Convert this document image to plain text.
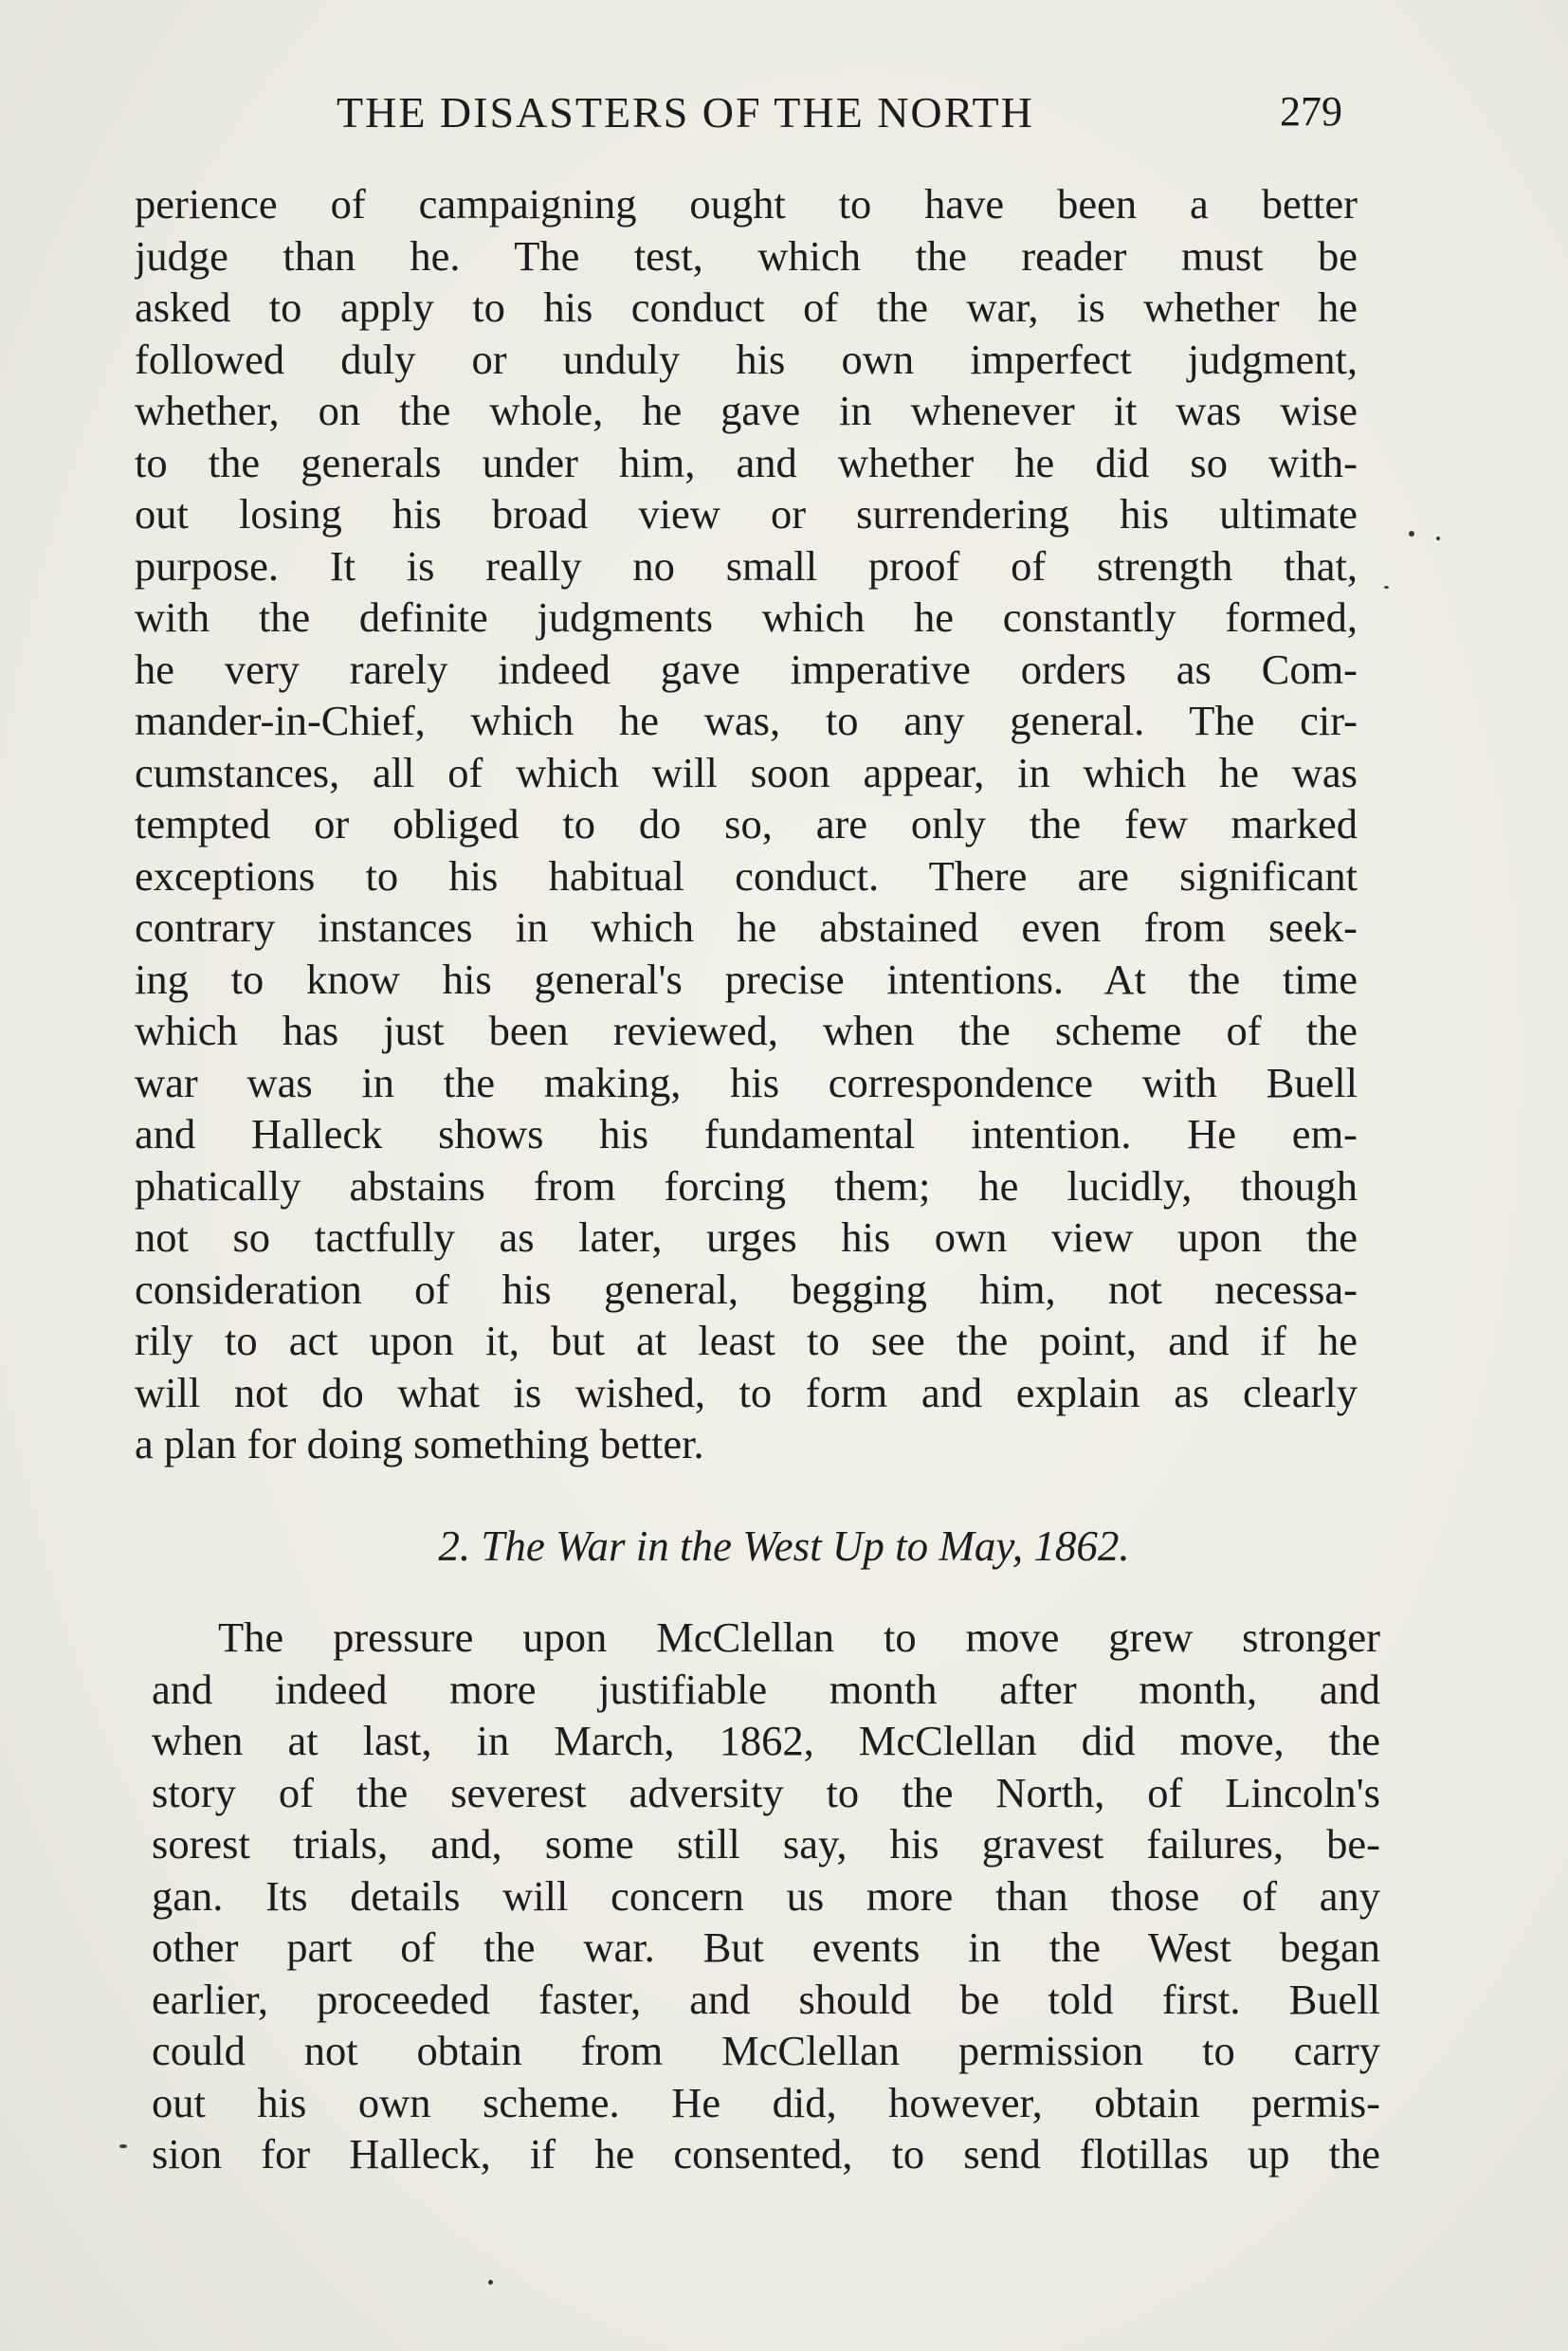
THE DISASTERS OF THE NORTH	279
perience of campaigning ought to have been a better
judge than he. The test, which the reader must be
asked to apply to his conduct of the war, is whether he
followed duly or unduly his own imperfect judgment,
whether, on the whole, he gave in whenever it was wise
to the generals under him, and whether he did so with-
out losing his broad view or surrendering his ultimate
purpose. It is really no small proof of strength that,
with the definite judgments which he constantly formed,
he very rarely indeed gave imperative orders as Com-
mander-in-Chief, which he was, to any general. The cir-
cumstances, all of which will soon appear, in which he was
tempted or obliged to do so, are only the few marked
exceptions to his habitual conduct. There are significant
contrary instances in which he abstained even from seek-
ing to know his general's precise intentions. At the time
which has just been reviewed, when the scheme of the
war was in the making, his correspondence with Buell
and Halleck shows his fundamental intention. He em-
phatically abstains from forcing them; he lucidly, though
not so tactfully as later, urges his own view upon the
consideration of his general, begging him, not necessa-
rily to act upon it, but at least to see the point, and if he
will not do what is wished, to form and explain as clearly
a plan for doing something better.
2. The War in the West Up to May, 1862.
The pressure upon McClellan to move grew stronger
and indeed more justifiable month after month, and
when at last, in March, 1862, McClellan did move, the
story of the severest adversity to the North, of Lincoln's
sorest trials, and, some still say, his gravest failures, be-
gan. Its details will concern us more than those of any
other part of the war. But events in the West began
earlier, proceeded faster, and should be told first. Buell
could not obtain from McClellan permission to carry
out his own scheme. He did, however, obtain permis-
sion for Halleck, if he consented, to send flotillas up the
